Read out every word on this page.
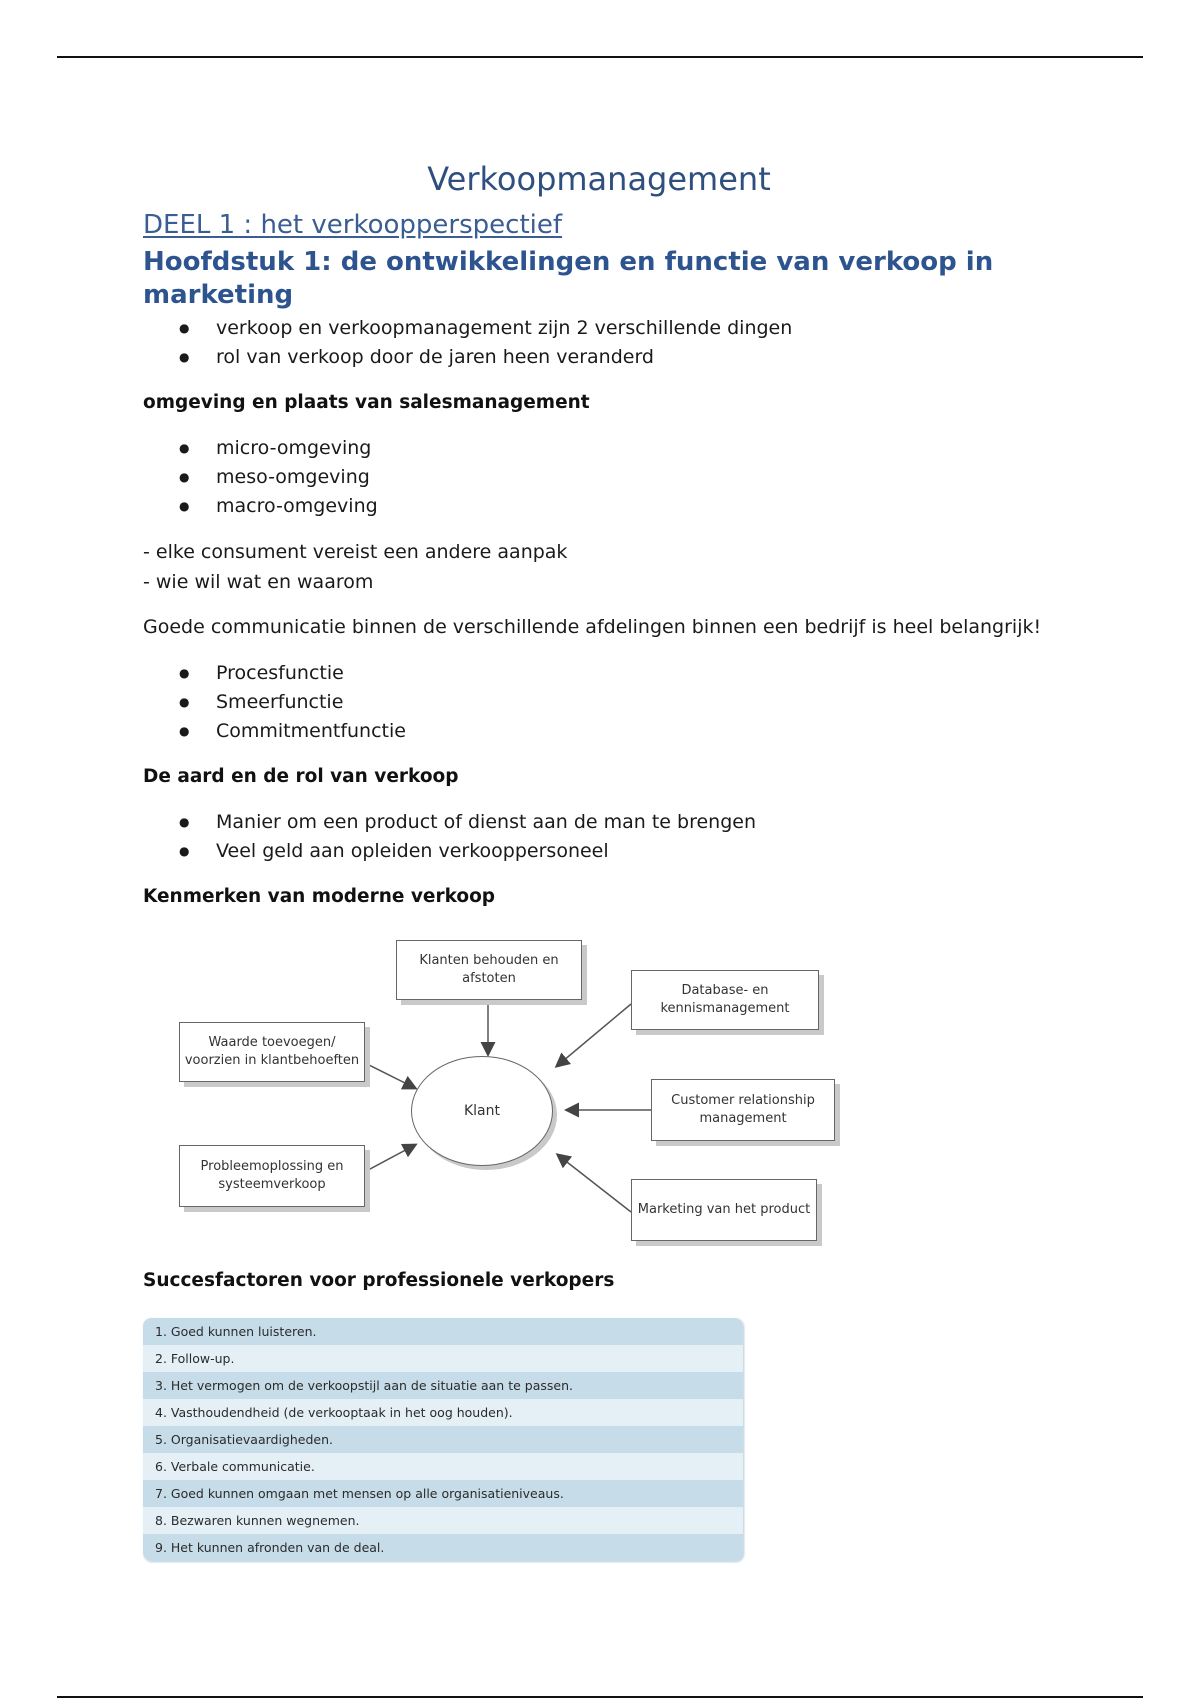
Verkoopmanagement
DEEL 1 : het verkoopperspectief
Hoofdstuk 1: de ontwikkelingen en functie van verkoop in marketing
● verkoop en verkoopmanagement zijn 2 verschillende dingen
● rol van verkoop door de jaren heen veranderd
omgeving en plaats van salesmanagement
● micro-omgeving
● meso-omgeving
● macro-omgeving
- elke consument vereist een andere aanpak
- wie wil wat en waarom
Goede communicatie binnen de verschillende afdelingen binnen een bedrijf is heel belangrijk!
● Procesfunctie
● Smeerfunctie
● Commitmentfunctie
De aard en de rol van verkoop
● Manier om een product of dienst aan de man te brengen
● Veel geld aan opleiden verkooppersoneel
Kenmerken van moderne verkoop
Klanten behouden en afstoten
Database- en kennismanagement
Waarde toevoegen/ voorzien in klantbehoeften
Klant
Customer relationship management
Probleemoplossing en systeemverkoop
Marketing van het product
Succesfactoren voor professionele verkopers
1. Goed kunnen luisteren.
2. Follow-up.
3. Het vermogen om de verkoopstijl aan de situatie aan te passen.
4. Vasthoudendheid (de verkooptaak in het oog houden).
5. Organisatievaardigheden.
6. Verbale communicatie.
7. Goed kunnen omgaan met mensen op alle organisatieniveaus.
8. Bezwaren kunnen wegnemen.
9. Het kunnen afronden van de deal.
